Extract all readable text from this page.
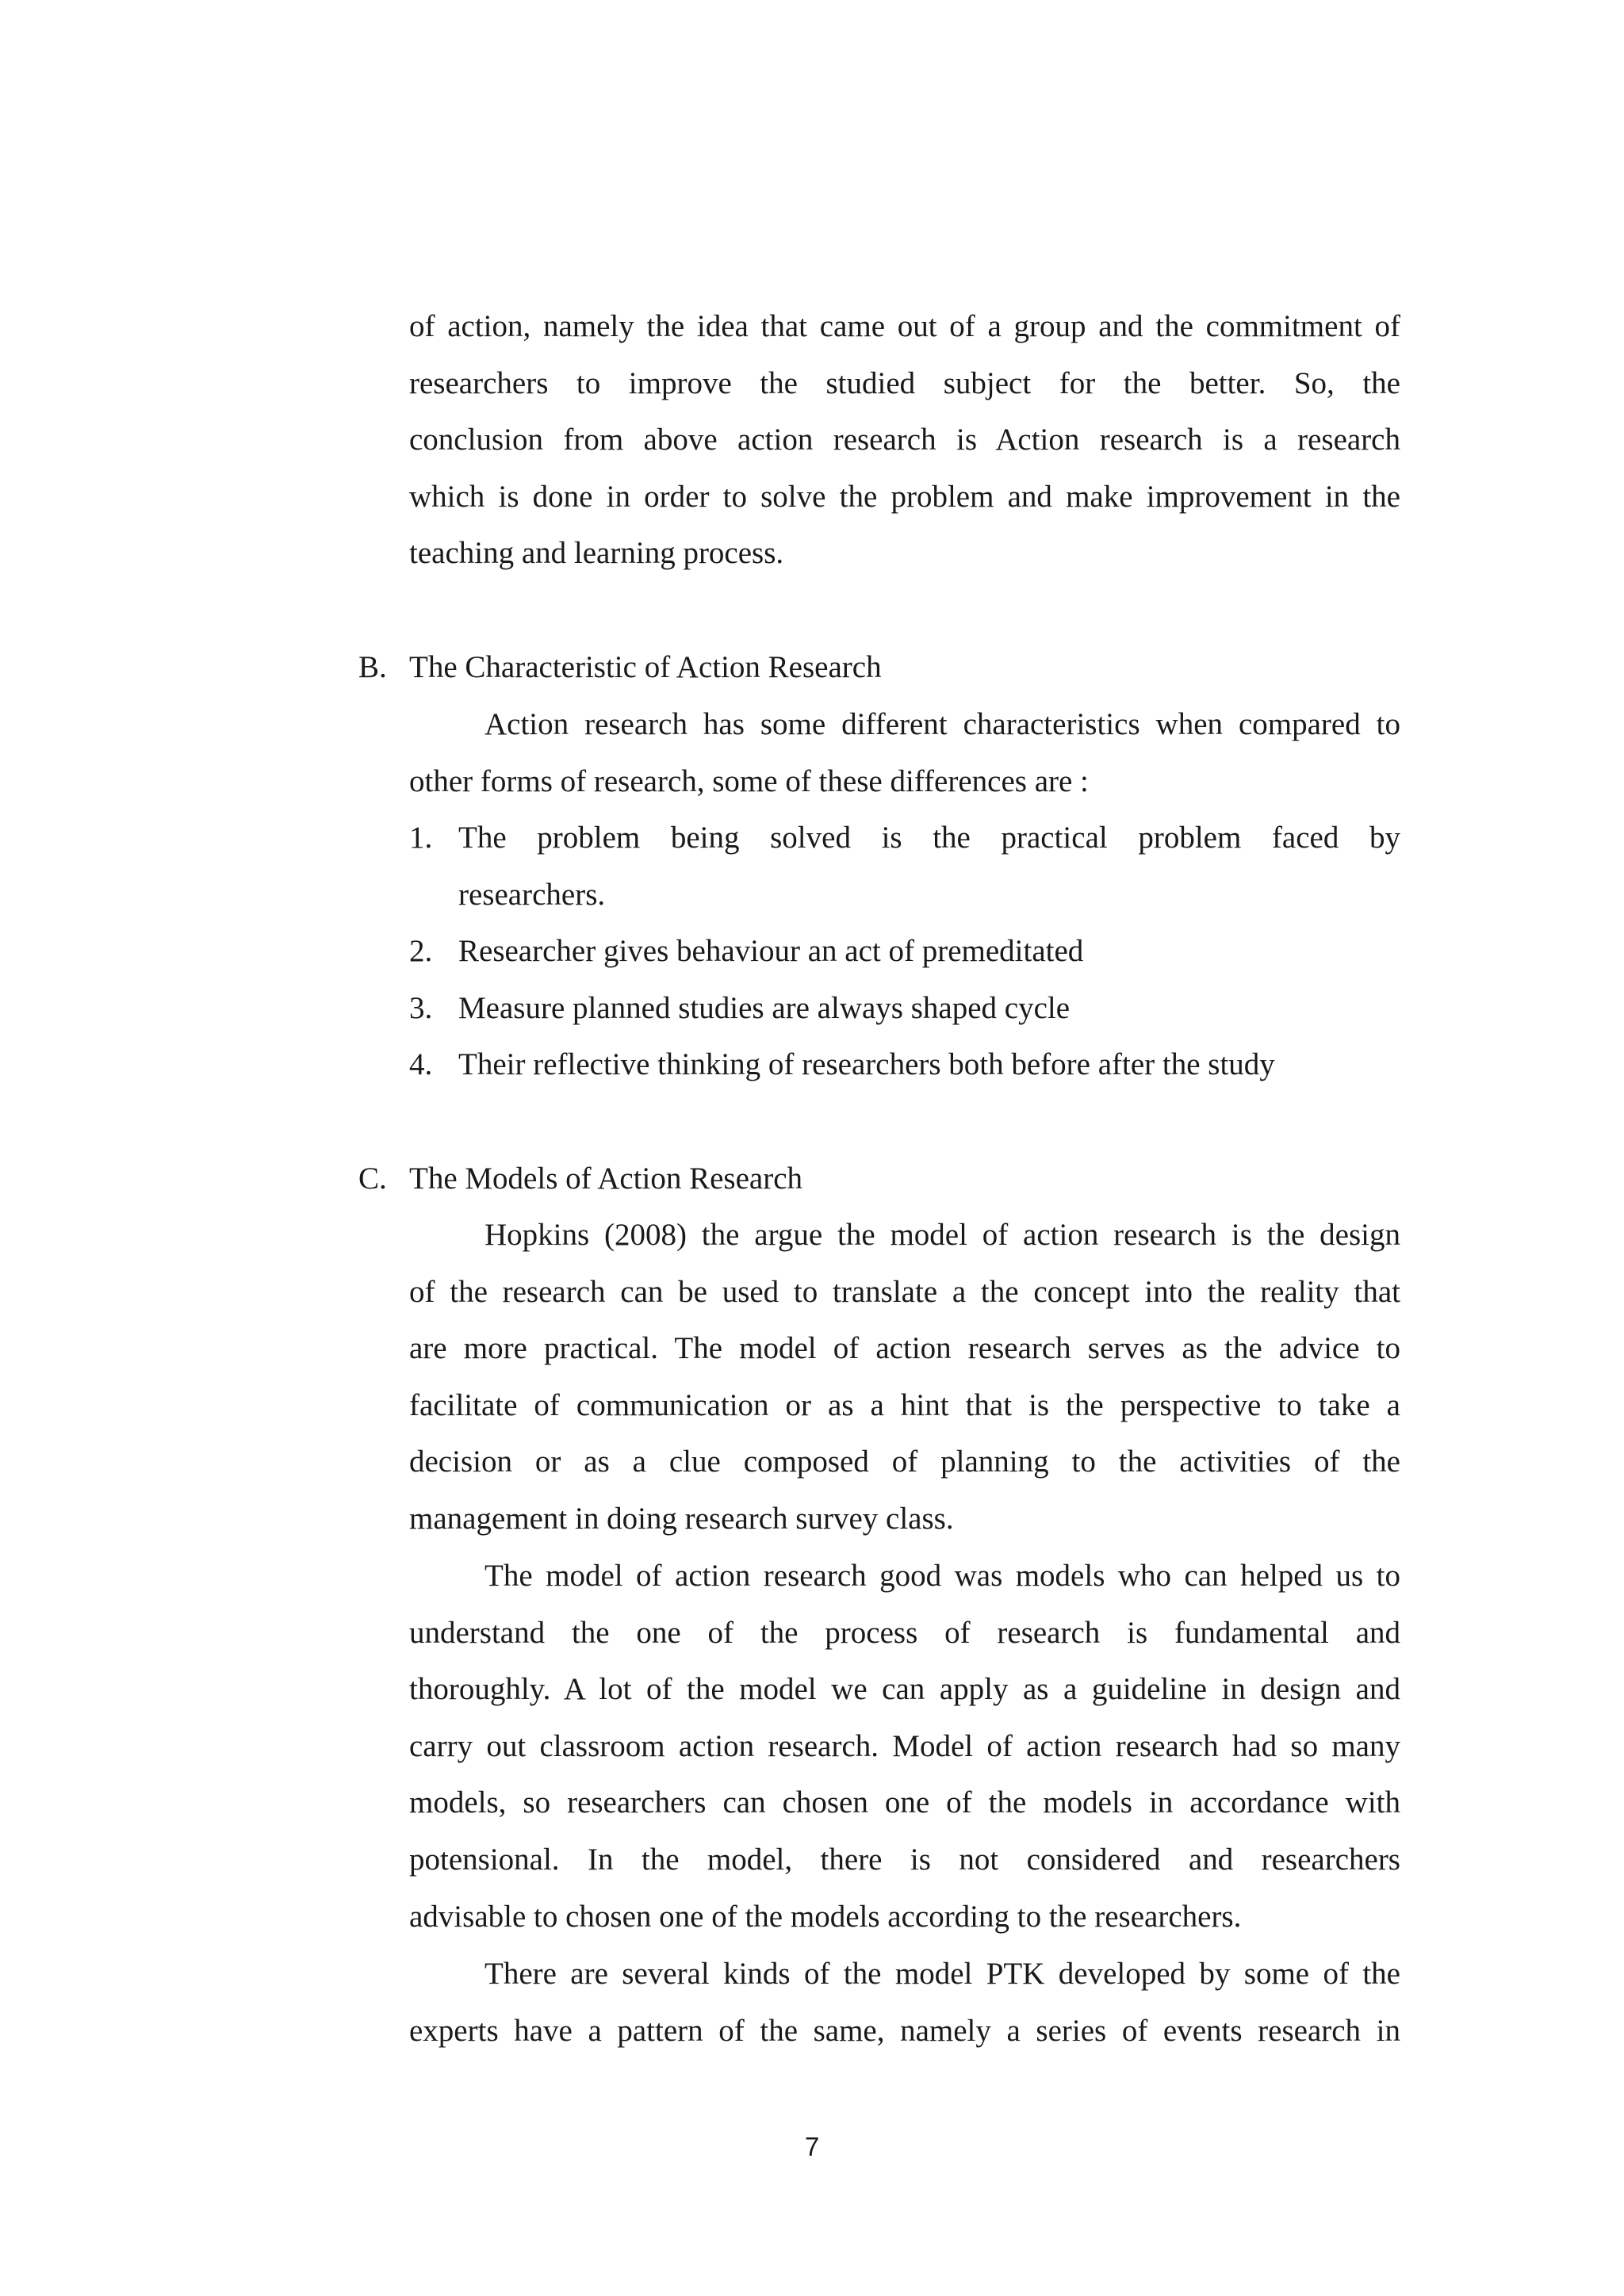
of action, namely the idea that came out of a group and the commitment of
researchers to improve the studied subject for the better. So, the
conclusion from above action research is Action research is a research
which is done in order to solve the problem and make improvement in the
teaching and learning process.
B. The Characteristic of Action Research
Action research has some different characteristics when compared to
other forms of research, some of these differences are :
1. The problem being solved is the practical problem faced by
researchers.
2. Researcher gives behaviour an act of premeditated
3. Measure planned studies are always shaped cycle
4. Their reflective thinking of researchers both before after the study
C. The Models of Action Research
Hopkins (2008) the argue the model of action research is the design
of the research can be used to translate a the concept into the reality that
are more practical. The model of action research serves as the advice to
facilitate of communication or as a hint that is the perspective to take a
decision or as a clue composed of planning to the activities of the
management in doing research survey class.
The model of action research good was models who can helped us to
understand the one of the process of research is fundamental and
thoroughly. A lot of the model we can apply as a guideline in design and
carry out classroom action research. Model of action research had so many
models, so researchers can chosen one of the models in accordance with
potensional. In the model, there is not considered and researchers
advisable to chosen one of the models according to the researchers.
There are several kinds of the model PTK developed by some of the
experts have a pattern of the same, namely a series of events research in
7
